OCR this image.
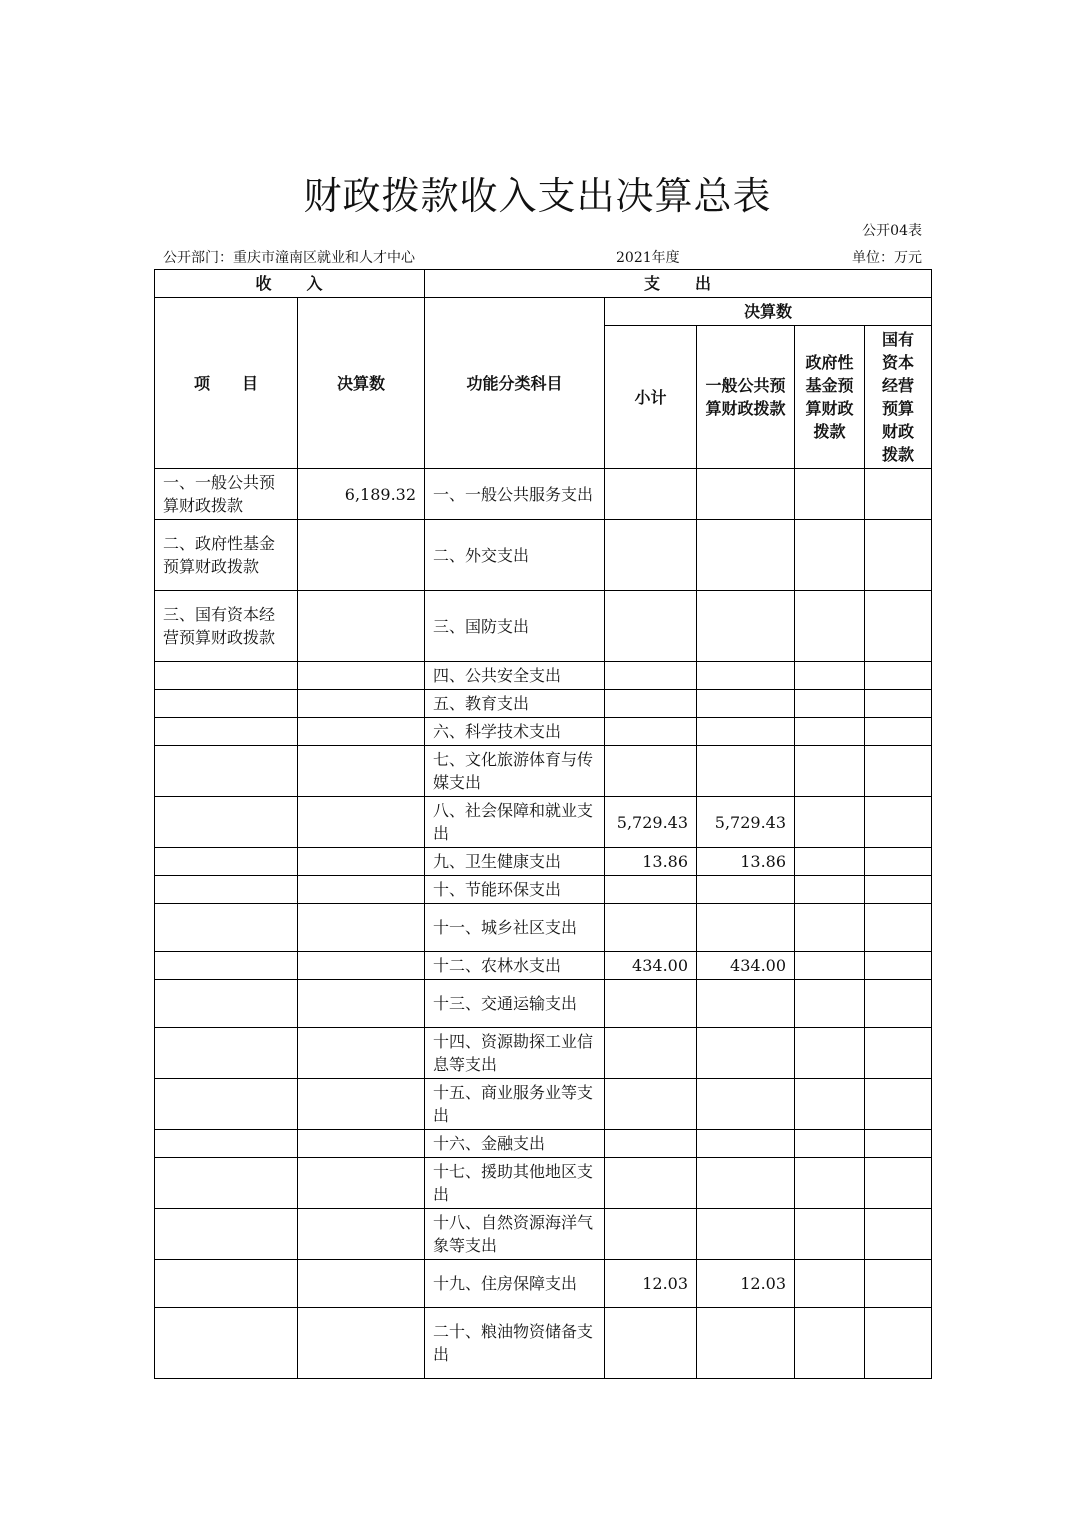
财政拨款收入支出决算总表
公开04表
公开部门：重庆市潼南区就业和人才中心	2021年度	单位：万元
收　　入		支　　出				
项　　目	决算数	功能分类科目	决算数			
			小计	一般公共预算财政拨款	政府性基金预算财政拨款	国有资本经营预算财政拨款
一、一般公共预算财政拨款	6,189.32	一、一般公共服务支出				
二、政府性基金预算财政拨款		二、外交支出				
三、国有资本经营预算财政拨款		三、国防支出				
		四、公共安全支出				
		五、教育支出				
		六、科学技术支出				
		七、文化旅游体育与传媒支出				
		八、社会保障和就业支出	5,729.43	5,729.43		
		九、卫生健康支出	13.86	13.86		
		十、节能环保支出				
		十一、城乡社区支出				
		十二、农林水支出	434.00	434.00		
		十三、交通运输支出				
		十四、资源勘探工业信息等支出				
		十五、商业服务业等支出				
		十六、金融支出				
		十七、援助其他地区支出				
		十八、自然资源海洋气象等支出				
		十九、住房保障支出	12.03	12.03		
		二十、粮油物资储备支出				
